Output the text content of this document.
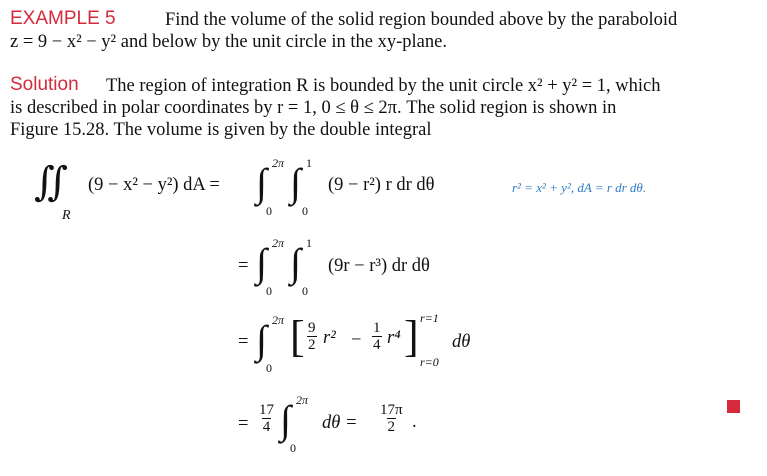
EXAMPLE 5	Find the volume of the solid region bounded above by the paraboloid
z = 9 − x² − y² and below by the unit circle in the xy-plane.
Solution The region of integration R is bounded by the unit circle x² + y² = 1, which
is described in polar coordinates by r = 1, 0 ≤ θ ≤ 2π. The solid region is shown in
Figure 15.28. The volume is given by the double integral
∬
R
(9 − x² − y²) dA = ∫ 2π
0
∫ 1
0
(9 − r²) r dr dθ	r² = x² + y², dA = r dr dθ.
= ∫ 2π
0
∫ 1
0
(9r − r³) dr dθ
= ∫ 2π
0
[ $\frac{9}{2} r^2 - \frac{1}{4} r^4$ ] r=1
r=0
dθ
= $\frac{17}{4}$ ∫ 2π
0
$d\theta = \frac{17\pi}{2}$ .
